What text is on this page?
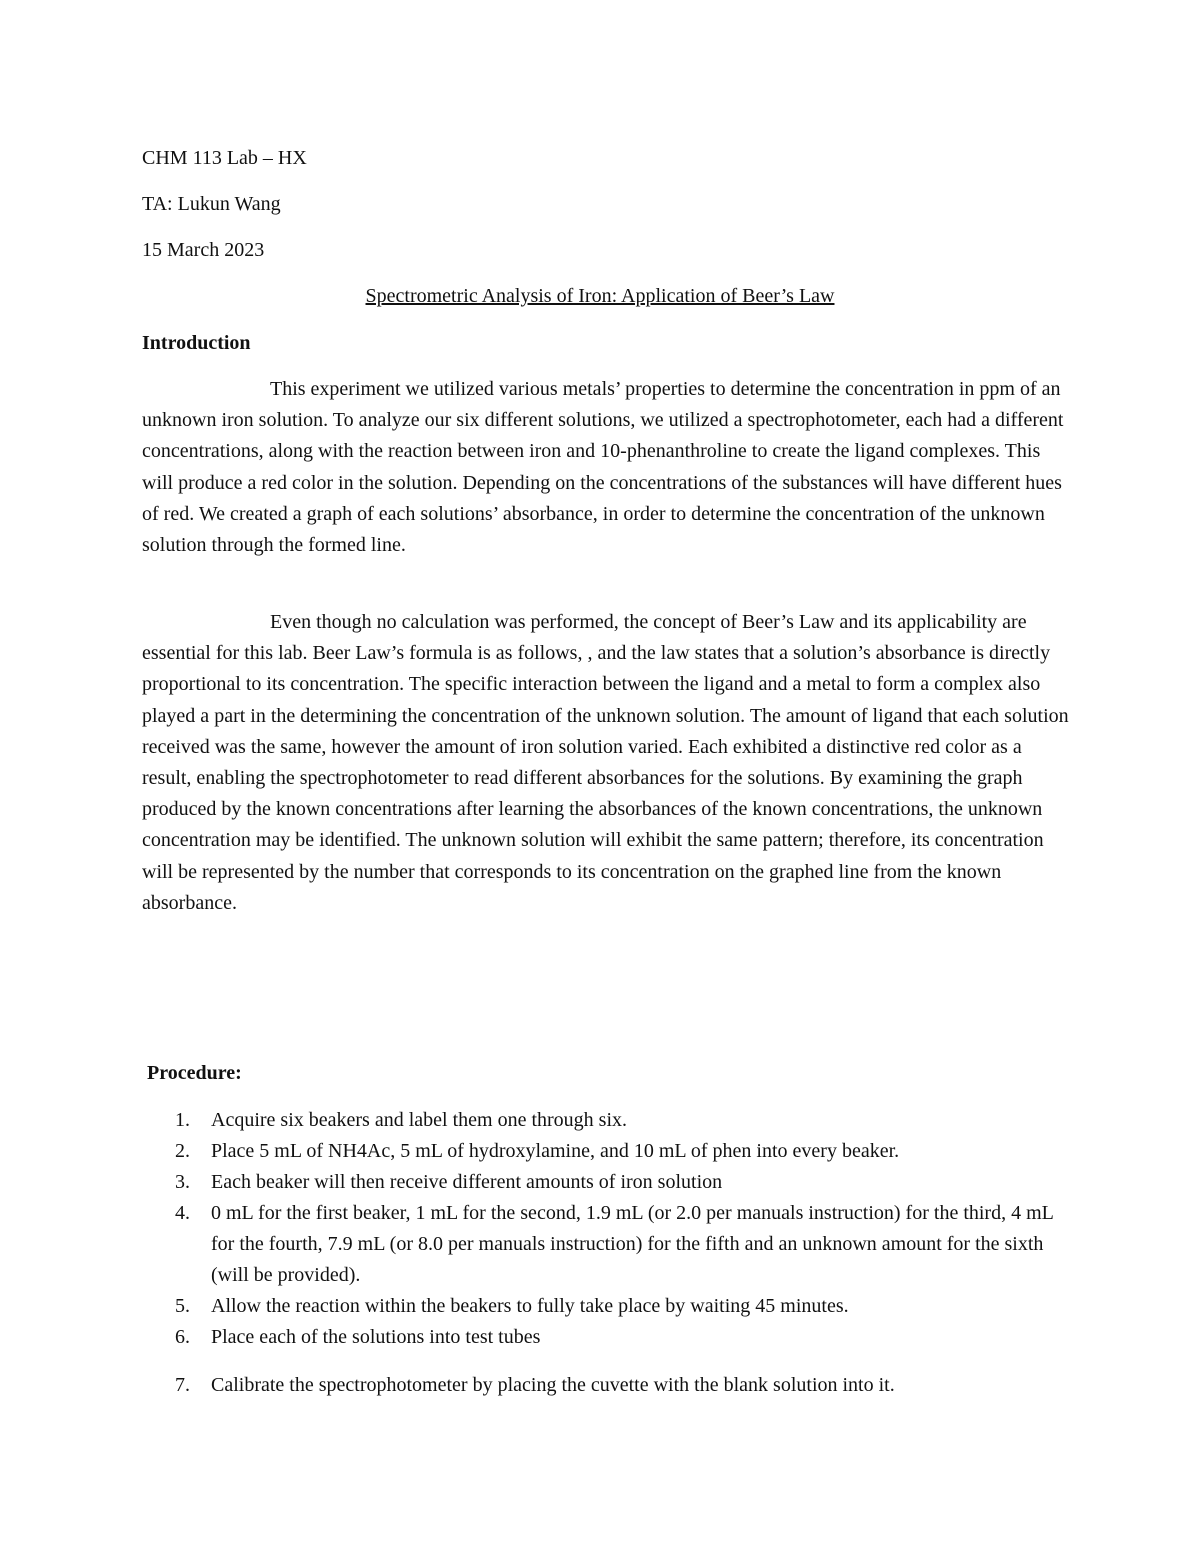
CHM 113 Lab – HX

TA: Lukun Wang

15 March 2023

Spectrometric Analysis of Iron: Application of Beer’s Law

Introduction

This experiment we utilized various metals’ properties to determine the concentration in ppm of an unknown iron solution. To analyze our six different solutions, we utilized a spectrophotometer, each had a different concentrations, along with the reaction between iron and 10-phenanthroline to create the ligand complexes. This will produce a red color in the solution. Depending on the concentrations of the substances will have different hues of red. We created a graph of each solutions’ absorbance, in order to determine the concentration of the unknown solution through the formed line.

Even though no calculation was performed, the concept of Beer’s Law and its applicability are essential for this lab. Beer Law’s formula is as follows, , and the law states that a solution’s absorbance is directly proportional to its concentration. The specific interaction between the ligand and a metal to form a complex also played a part in the determining the concentration of the unknown solution. The amount of ligand that each solution received was the same, however the amount of iron solution varied. Each exhibited a distinctive red color as a result, enabling the spectrophotometer to read different absorbances for the solutions. By examining the graph produced by the known concentrations after learning the absorbances of the known concentrations, the unknown concentration may be identified. The unknown solution will exhibit the same pattern; therefore, its concentration will be represented by the number that corresponds to its concentration on the graphed line from the known absorbance.

Procedure:

1. Acquire six beakers and label them one through six.
2. Place 5 mL of NH4Ac, 5 mL of hydroxylamine, and 10 mL of phen into every beaker.
3. Each beaker will then receive different amounts of iron solution
4. 0 mL for the first beaker, 1 mL for the second, 1.9 mL (or 2.0 per manuals instruction) for the third, 4 mL for the fourth, 7.9 mL (or 8.0 per manuals instruction) for the fifth and an unknown amount for the sixth (will be provided).
5. Allow the reaction within the beakers to fully take place by waiting 45 minutes.
6. Place each of the solutions into test tubes
7. Calibrate the spectrophotometer by placing the cuvette with the blank solution into it.
